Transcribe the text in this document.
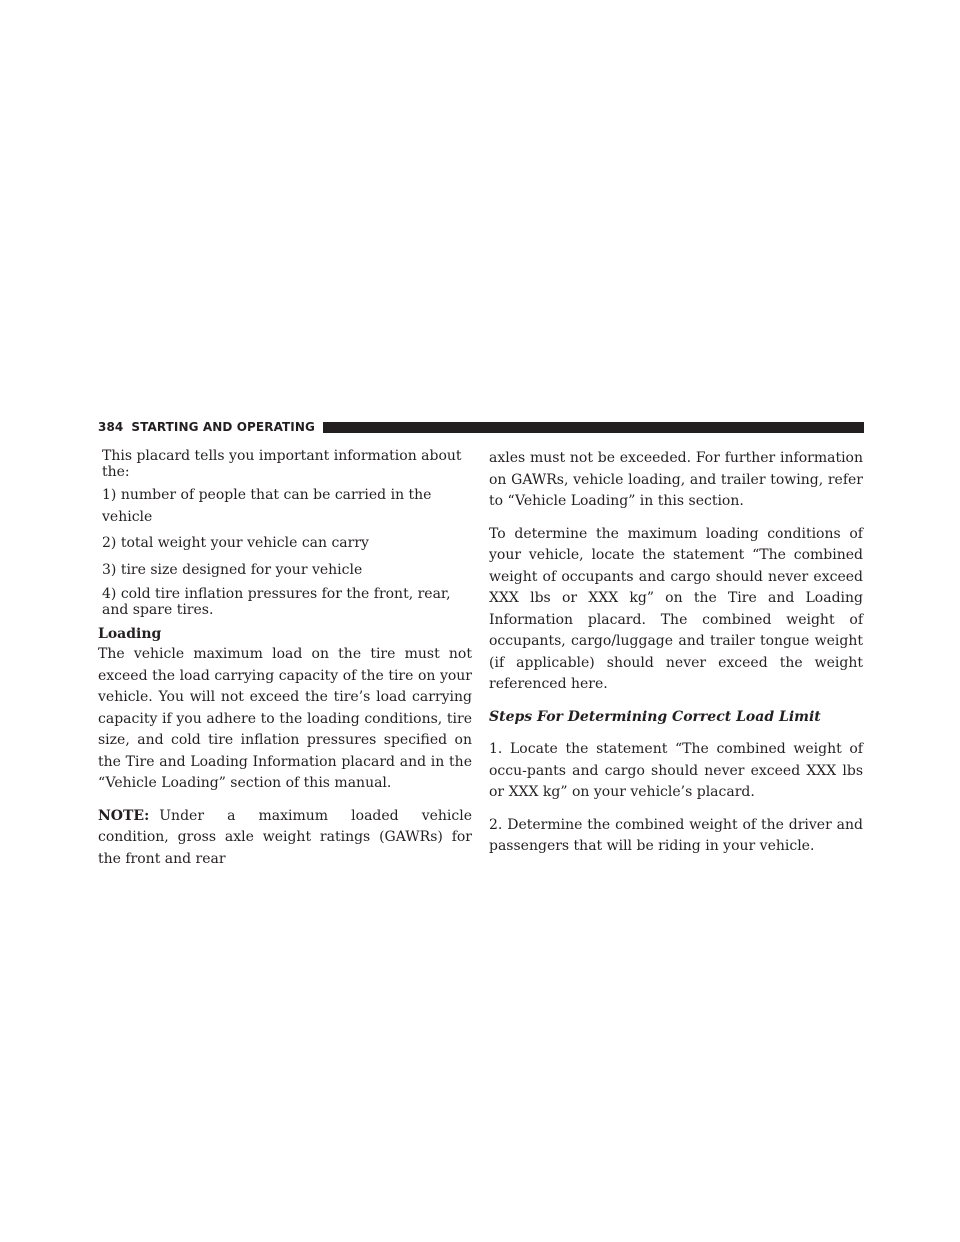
384 STARTING AND OPERATING

This placard tells you important information about the:

1) number of people that can be carried in the vehicle

2) total weight your vehicle can carry

3) tire size designed for your vehicle

4) cold tire inflation pressures for the front, rear, and spare tires.

Loading

The vehicle maximum load on the tire must not exceed the load carrying capacity of the tire on your vehicle. You will not exceed the tire’s load carrying capacity if you adhere to the loading conditions, tire size, and cold tire inflation pressures specified on the Tire and Loading Information placard and in the “Vehicle Loading” section of this manual.

NOTE: Under a maximum loaded vehicle condition, gross axle weight ratings (GAWRs) for the front and rear

axles must not be exceeded. For further information on GAWRs, vehicle loading, and trailer towing, refer to “Vehicle Loading” in this section.

To determine the maximum loading conditions of your vehicle, locate the statement “The combined weight of occupants and cargo should never exceed XXX lbs or XXX kg” on the Tire and Loading Information placard. The combined weight of occupants, cargo/luggage and trailer tongue weight (if applicable) should never exceed the weight referenced here.

Steps For Determining Correct Load Limit

1. Locate the statement “The combined weight of occu-pants and cargo should never exceed XXX lbs or XXX kg” on your vehicle’s placard.

2. Determine the combined weight of the driver and passengers that will be riding in your vehicle.
